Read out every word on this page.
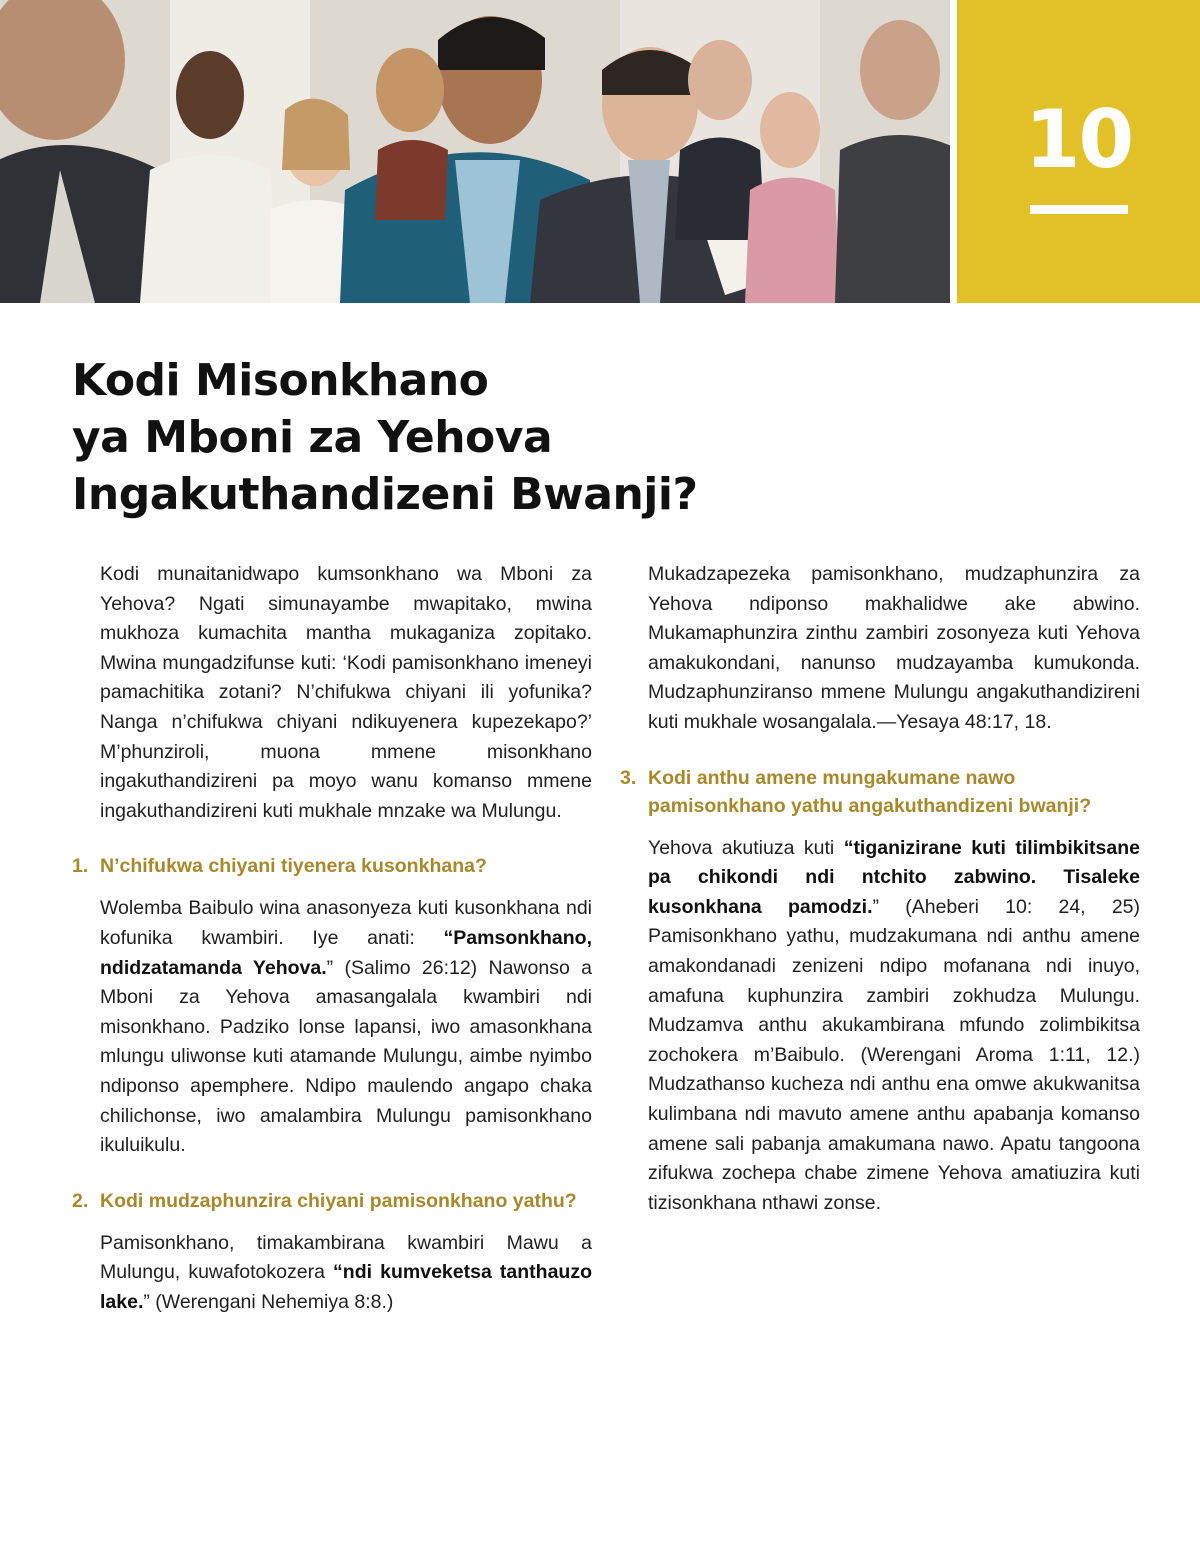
10
Kodi Misonkhano
ya Mboni za Yehova
Ingakuthandizeni Bwanji?

Kodi munaitanidwapo kumsonkhano wa Mboni za Yehova? Ngati simunayambe mwapitako, mwina mukhoza kumachita mantha mukaganiza zopitako. Mwina mungadzifunse kuti: ‘Kodi pamisonkhano imeneyi pamachitika zotani? N’chifukwa chiyani ili yofunika? Nanga n’chifukwa chiyani ndikuyenera kupezekapo?’ M’phunziroli, muona mmene misonkhano ingakuthandizireni pa moyo wanu komanso mmene ingakuthandizireni kuti mukhale mnzake wa Mulungu.

1. N’chifukwa chiyani tiyenera kusonkhana?

Wolemba Baibulo wina anasonyeza kuti kusonkhana ndi kofunika kwambiri. Iye anati: “Pamsonkhano, ndidzatamanda Yehova.” (Salimo 26:12) Nawonso a Mboni za Yehova amasangalala kwambiri ndi misonkhano. Padziko lonse lapansi, iwo amasonkhana mlungu uliwonse kuti atamande Mulungu, aimbe nyimbo ndiponso apemphere. Ndipo maulendo angapo chaka chilichonse, iwo amalambira Mulungu pamisonkhano ikuluikulu.

2. Kodi mudzaphunzira chiyani pamisonkhano yathu?

Pamisonkhano, timakambirana kwambiri Mawu a Mulungu, kuwafotokozera “ndi kumveketsa tanthauzo lake.” (Werengani Nehemiya 8:8.)

Mukadzapezeka pamisonkhano, mudzaphunzira za Yehova ndiponso makhalidwe ake abwino. Mukamaphunzira zinthu zambiri zosonyeza kuti Yehova amakukondani, nanunso mudzayamba kumukonda. Mudzaphunziranso mmene Mulungu angakuthandizireni kuti mukhale wosangalala.—Yesaya 48:17, 18.

3. Kodi anthu amene mungakumane nawo pamisonkhano yathu angakuthandizeni bwanji?

Yehova akutiuza kuti “tiganizirane kuti tilimbikitsane pa chikondi ndi ntchito zabwino. Tisaleke kusonkhana pamodzi.” (Aheberi 10: 24, 25) Pamisonkhano yathu, mudzakumana ndi anthu amene amakondanadi zenizeni ndipo mofanana ndi inuyo, amafuna kuphunzira zambiri zokhudza Mulungu. Mudzamva anthu akukambirana mfundo zolimbikitsa zochokera m’Baibulo. (Werengani Aroma 1:11, 12.) Mudzathanso kucheza ndi anthu ena omwe akukwanitsa kulimbana ndi mavuto amene anthu apabanja komanso amene sali pabanja amakumana nawo. Apatu tangoona zifukwa zochepa chabe zimene Yehova amatiuzira kuti tizisonkhana nthawi zonse.
